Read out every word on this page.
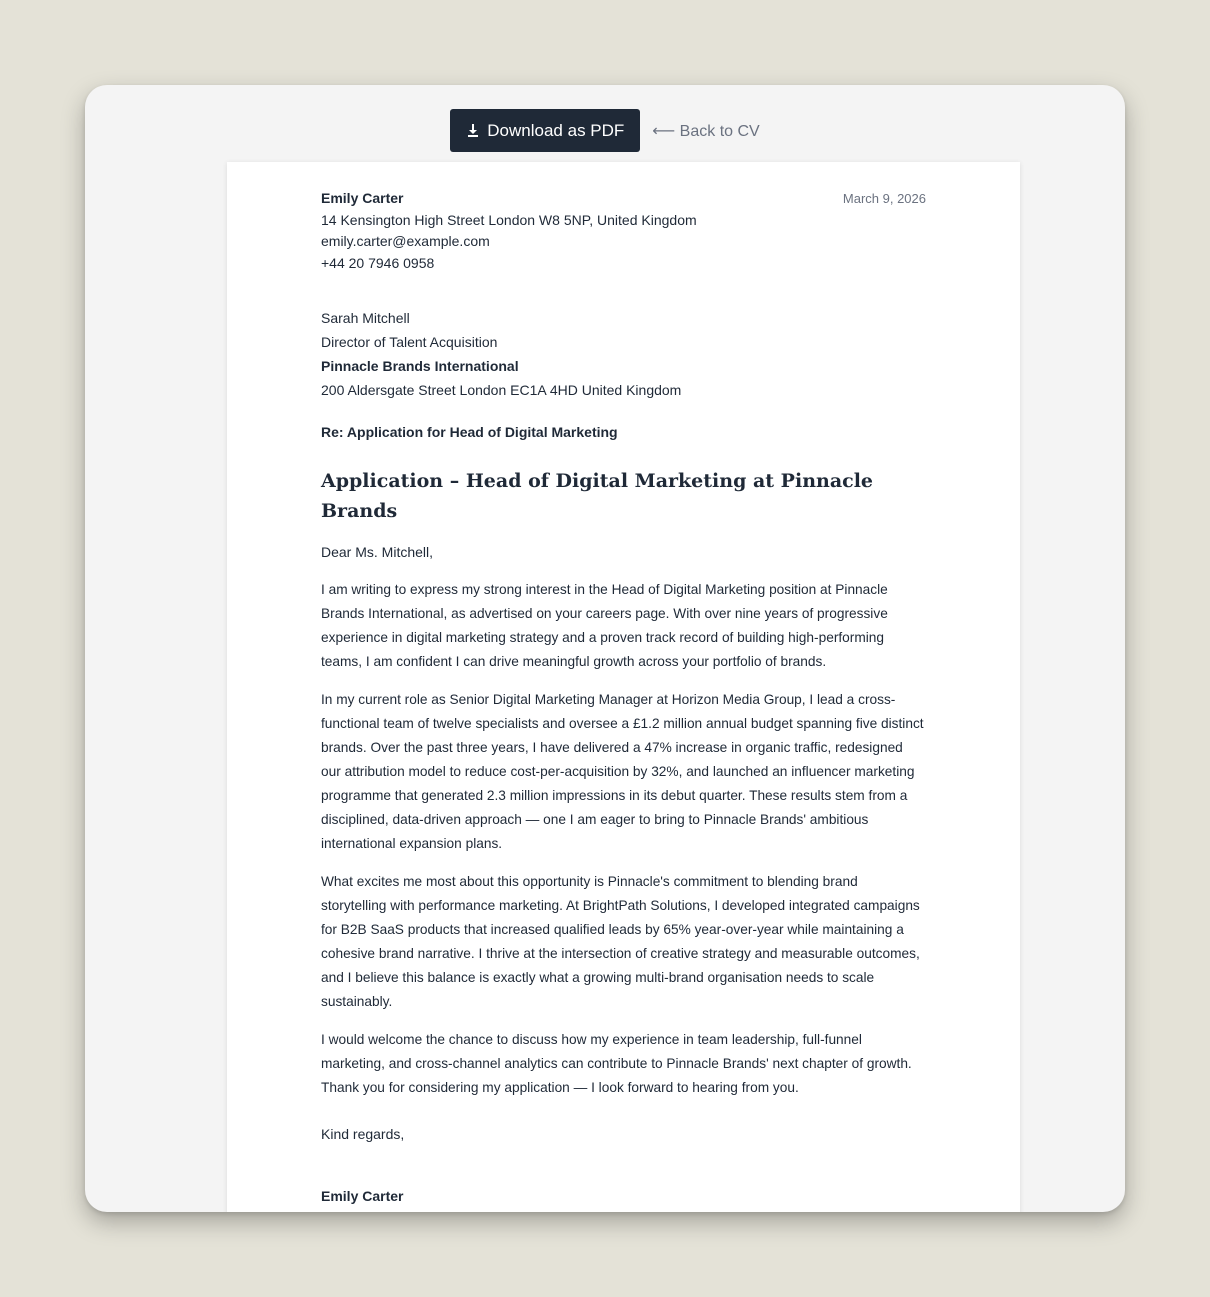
Download as PDF ⟵ Back to CV
Emily Carter
14 Kensington High Street London W8 5NP, United Kingdom
emily.carter@example.com
+44 20 7946 0958
March 9, 2026
Sarah Mitchell
Director of Talent Acquisition
Pinnacle Brands International
200 Aldersgate Street London EC1A 4HD United Kingdom
Re: Application for Head of Digital Marketing
Application – Head of Digital Marketing at Pinnacle Brands
Dear Ms. Mitchell,

I am writing to express my strong interest in the Head of Digital Marketing position at Pinnacle Brands International, as advertised on your careers page. With over nine years of progressive experience in digital marketing strategy and a proven track record of building high-performing teams, I am confident I can drive meaningful growth across your portfolio of brands.

In my current role as Senior Digital Marketing Manager at Horizon Media Group, I lead a cross-functional team of twelve specialists and oversee a £1.2 million annual budget spanning five distinct brands. Over the past three years, I have delivered a 47% increase in organic traffic, redesigned our attribution model to reduce cost-per-acquisition by 32%, and launched an influencer marketing programme that generated 2.3 million impressions in its debut quarter. These results stem from a disciplined, data-driven approach — one I am eager to bring to Pinnacle Brands' ambitious international expansion plans.

What excites me most about this opportunity is Pinnacle's commitment to blending brand storytelling with performance marketing. At BrightPath Solutions, I developed integrated campaigns for B2B SaaS products that increased qualified leads by 65% year-over-year while maintaining a cohesive brand narrative. I thrive at the intersection of creative strategy and measurable outcomes, and I believe this balance is exactly what a growing multi-brand organisation needs to scale sustainably.

I would welcome the chance to discuss how my experience in team leadership, full-funnel marketing, and cross-channel analytics can contribute to Pinnacle Brands' next chapter of growth. Thank you for considering my application — I look forward to hearing from you.

Kind regards,
Emily Carter
